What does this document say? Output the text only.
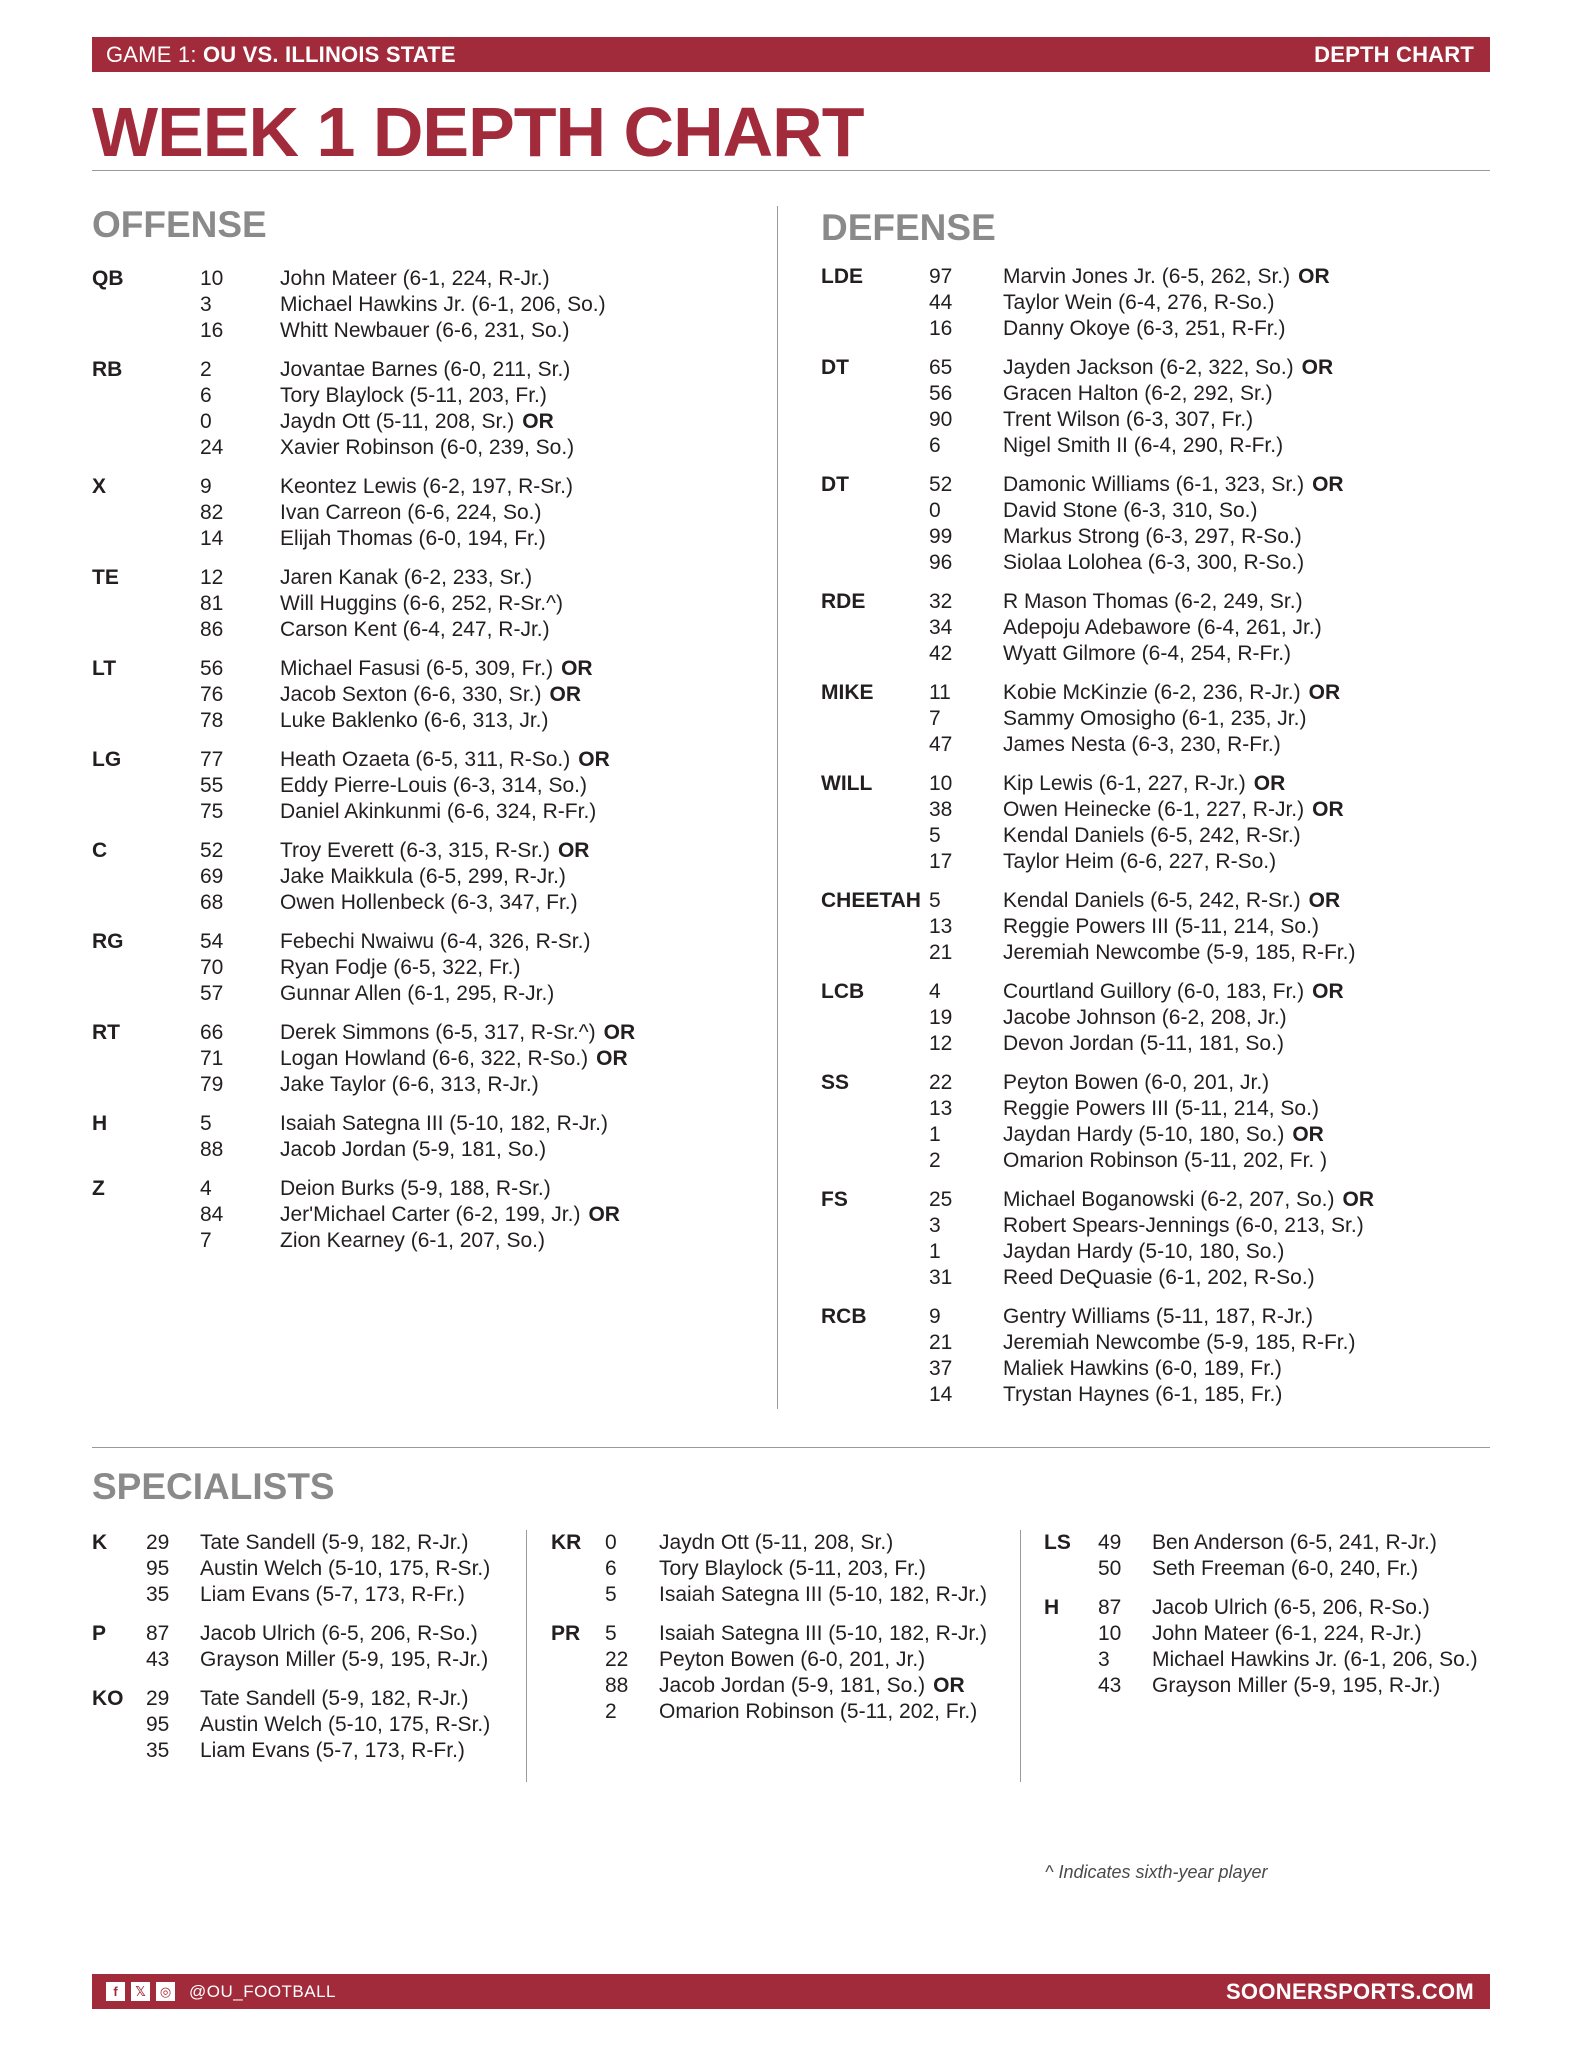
GAME 1: OU VS. ILLINOIS STATE	DEPTH CHART
WEEK 1 DEPTH CHART
OFFENSE
QB	10	John Mateer (6-1, 224, R-Jr.)
3	Michael Hawkins Jr. (6-1, 206, So.)
16	Whitt Newbauer (6-6, 231, So.)
RB	2	Jovantae Barnes (6-0, 211, Sr.)
6	Tory Blaylock (5-11, 203, Fr.)
0	Jaydn Ott (5-11, 208, Sr.) OR
24	Xavier Robinson (6-0, 239, So.)
X	9	Keontez Lewis (6-2, 197, R-Sr.)
82	Ivan Carreon (6-6, 224, So.)
14	Elijah Thomas (6-0, 194, Fr.)
TE	12	Jaren Kanak (6-2, 233, Sr.)
81	Will Huggins (6-6, 252, R-Sr.^)
86	Carson Kent (6-4, 247, R-Jr.)
LT	56	Michael Fasusi (6-5, 309, Fr.) OR
76	Jacob Sexton (6-6, 330, Sr.) OR
78	Luke Baklenko (6-6, 313, Jr.)
LG	77	Heath Ozaeta (6-5, 311, R-So.) OR
55	Eddy Pierre-Louis (6-3, 314, So.)
75	Daniel Akinkunmi (6-6, 324, R-Fr.)
C	52	Troy Everett (6-3, 315, R-Sr.) OR
69	Jake Maikkula (6-5, 299, R-Jr.)
68	Owen Hollenbeck (6-3, 347, Fr.)
RG	54	Febechi Nwaiwu (6-4, 326, R-Sr.)
70	Ryan Fodje (6-5, 322, Fr.)
57	Gunnar Allen (6-1, 295, R-Jr.)
RT	66	Derek Simmons (6-5, 317, R-Sr.^) OR
71	Logan Howland (6-6, 322, R-So.) OR
79	Jake Taylor (6-6, 313, R-Jr.)
H	5	Isaiah Sategna III (5-10, 182, R-Jr.)
88	Jacob Jordan (5-9, 181, So.)
Z	4	Deion Burks (5-9, 188, R-Sr.)
84	Jer'Michael Carter (6-2, 199, Jr.) OR
7	Zion Kearney (6-1, 207, So.)
DEFENSE
LDE	97	Marvin Jones Jr. (6-5, 262, Sr.) OR
44	Taylor Wein (6-4, 276, R-So.)
16	Danny Okoye (6-3, 251, R-Fr.)
DT	65	Jayden Jackson (6-2, 322, So.) OR
56	Gracen Halton (6-2, 292, Sr.)
90	Trent Wilson (6-3, 307, Fr.)
6	Nigel Smith II (6-4, 290, R-Fr.)
DT	52	Damonic Williams (6-1, 323, Sr.) OR
0	David Stone (6-3, 310, So.)
99	Markus Strong (6-3, 297, R-So.)
96	Siolaa Lolohea (6-3, 300, R-So.)
RDE	32	R Mason Thomas (6-2, 249, Sr.)
34	Adepoju Adebawore (6-4, 261, Jr.)
42	Wyatt Gilmore (6-4, 254, R-Fr.)
MIKE	11	Kobie McKinzie (6-2, 236, R-Jr.) OR
7	Sammy Omosigho (6-1, 235, Jr.)
47	James Nesta (6-3, 230, R-Fr.)
WILL	10	Kip Lewis (6-1, 227, R-Jr.) OR
38	Owen Heinecke (6-1, 227, R-Jr.) OR
5	Kendal Daniels (6-5, 242, R-Sr.)
17	Taylor Heim (6-6, 227, R-So.)
CHEETAH 5	Kendal Daniels (6-5, 242, R-Sr.) OR
13	Reggie Powers III (5-11, 214, So.)
21	Jeremiah Newcombe (5-9, 185, R-Fr.)
LCB	4	Courtland Guillory (6-0, 183, Fr.) OR
19	Jacobe Johnson (6-2, 208, Jr.)
12	Devon Jordan (5-11, 181, So.)
SS	22	Peyton Bowen (6-0, 201, Jr.)
13	Reggie Powers III (5-11, 214, So.)
1	Jaydan Hardy (5-10, 180, So.) OR
2	Omarion Robinson (5-11, 202, Fr. )
FS	25	Michael Boganowski (6-2, 207, So.) OR
3	Robert Spears-Jennings (6-0, 213, Sr.)
1	Jaydan Hardy (5-10, 180, So.)
31	Reed DeQuasie (6-1, 202, R-So.)
RCB	9	Gentry Williams (5-11, 187, R-Jr.)
21	Jeremiah Newcombe (5-9, 185, R-Fr.)
37	Maliek Hawkins (6-0, 189, Fr.)
14	Trystan Haynes (6-1, 185, Fr.)
SPECIALISTS
K	29	Tate Sandell (5-9, 182, R-Jr.)
95	Austin Welch (5-10, 175, R-Sr.)
35	Liam Evans (5-7, 173, R-Fr.)
P	87	Jacob Ulrich (6-5, 206, R-So.)
43	Grayson Miller (5-9, 195, R-Jr.)
KO	29	Tate Sandell (5-9, 182, R-Jr.)
95	Austin Welch (5-10, 175, R-Sr.)
35	Liam Evans (5-7, 173, R-Fr.)
KR	0	Jaydn Ott (5-11, 208, Sr.)
6	Tory Blaylock (5-11, 203, Fr.)
5	Isaiah Sategna III (5-10, 182, R-Jr.)
PR	5	Isaiah Sategna III (5-10, 182, R-Jr.)
22	Peyton Bowen (6-0, 201, Jr.)
88	Jacob Jordan (5-9, 181, So.) OR
2	Omarion Robinson (5-11, 202, Fr.)
LS	49	Ben Anderson (6-5, 241, R-Jr.)
50	Seth Freeman (6-0, 240, Fr.)
H	87	Jacob Ulrich (6-5, 206, R-So.)
10	John Mateer (6-1, 224, R-Jr.)
3	Michael Hawkins Jr. (6-1, 206, So.)
43	Grayson Miller (5-9, 195, R-Jr.)
^ Indicates sixth-year player
f	𝕏	◎ @OU_FOOTBALL	SOONERSPORTS.COM
